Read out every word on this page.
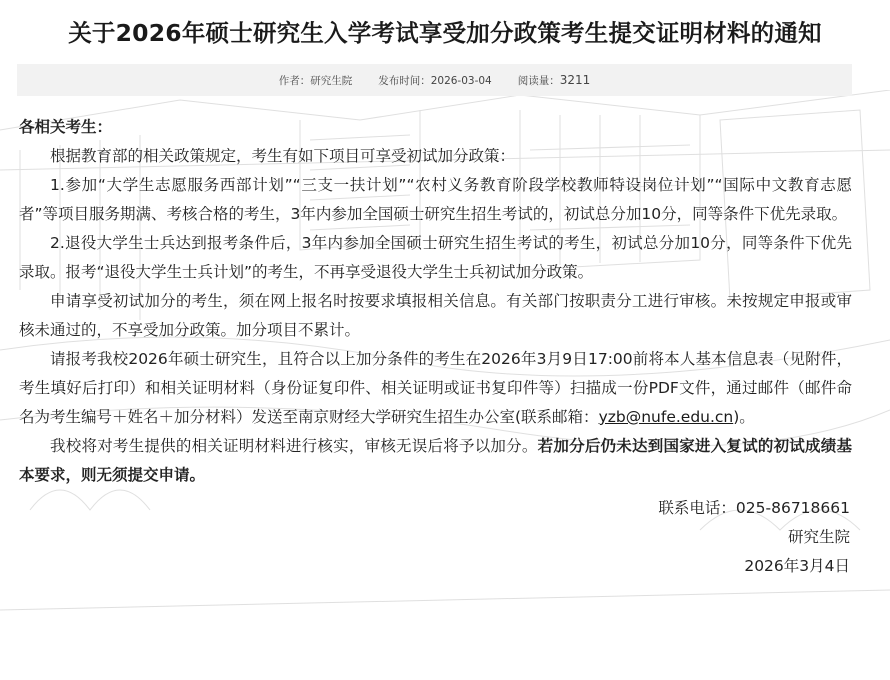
关于2026年硕士研究生入学考试享受加分政策考生提交证明材料的通知
作者：研究生院 发布时间：2026-03-04 阅读量：3211

各相关考生：

根据教育部的相关政策规定，考生有如下项目可享受初试加分政策：

1.参加“大学生志愿服务西部计划”“三支一扶计划”“农村义务教育阶段学校教师特设岗位计划”“国际中文教育志愿者”等项目服务期满、考核合格的考生，3年内参加全国硕士研究生招生考试的，初试总分加10分，同等条件下优先录取。

2.退役大学生士兵达到报考条件后，3年内参加全国硕士研究生招生考试的考生，初试总分加10分，同等条件下优先录取。报考“退役大学生士兵计划”的考生，不再享受退役大学生士兵初试加分政策。

申请享受初试加分的考生，须在网上报名时按要求填报相关信息。有关部门按职责分工进行审核。未按规定申报或审核未通过的，不享受加分政策。加分项目不累计。

请报考我校2026年硕士研究生，且符合以上加分条件的考生在2026年3月9日17:00前将本人基本信息表（见附件，考生填好后打印）和相关证明材料（身份证复印件、相关证明或证书复印件等）扫描成一份PDF文件，通过邮件（邮件命名为考生编号＋姓名＋加分材料）发送至南京财经大学研究生招生办公室(联系邮箱：yzb@nufe.edu.cn)。

我校将对考生提供的相关证明材料进行核实，审核无误后将予以加分。若加分后仍未达到国家进入复试的初试成绩基本要求，则无须提交申请。

联系电话：025-86718661

研究生院

2026年3月4日
